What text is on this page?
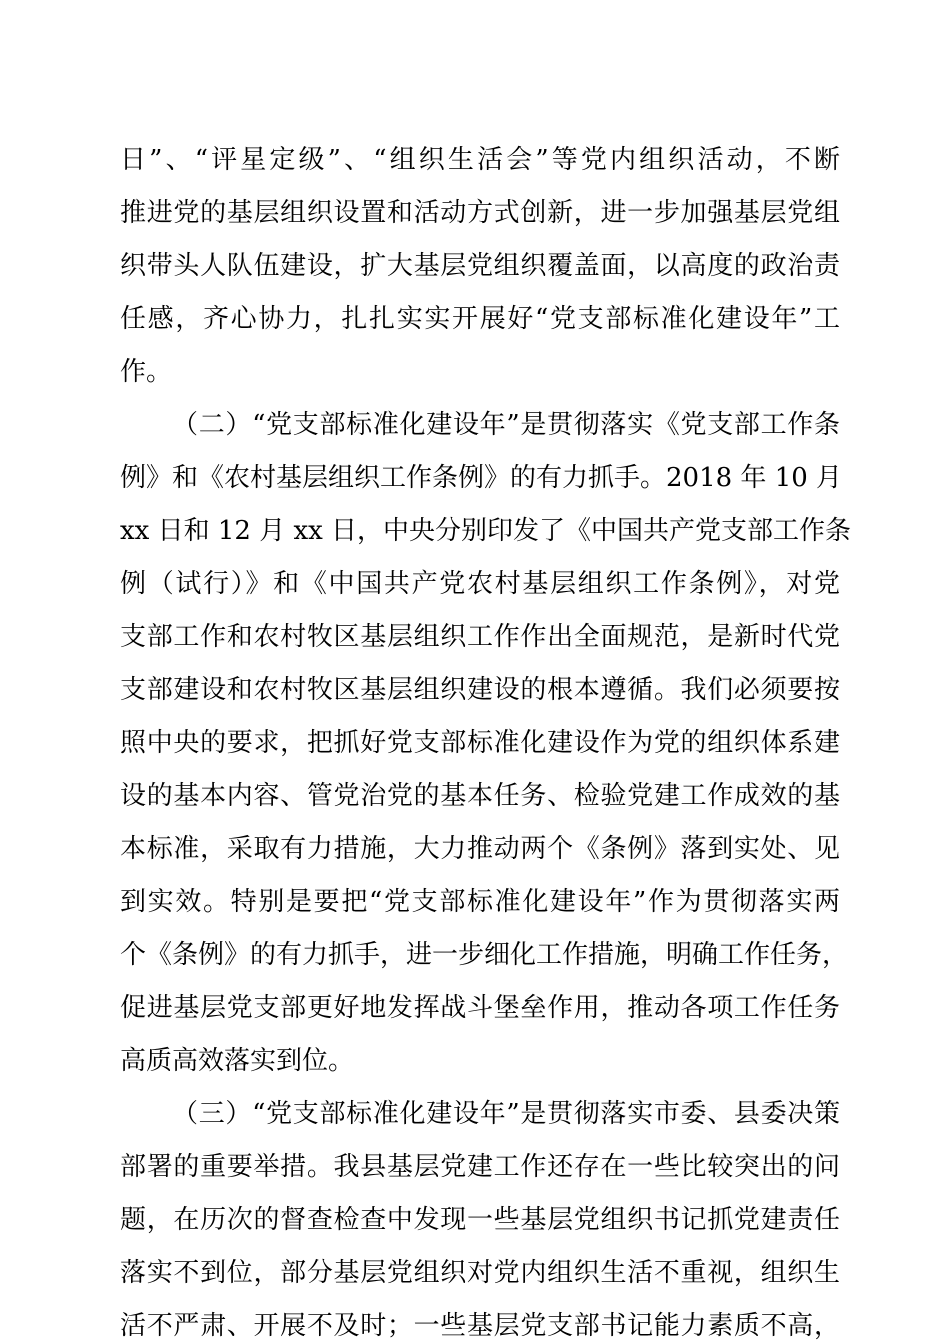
日”、“评星定级”、“组织生活会”等党内组织活动，不断
推进党的基层组织设置和活动方式创新，进一步加强基层党组
织带头人队伍建设，扩大基层党组织覆盖面，以高度的政治责
任感，齐心协力，扎扎实实开展好“党支部标准化建设年”工
作。
（二）“党支部标准化建设年”是贯彻落实《党支部工作条
例》和《农村基层组织工作条例》的有力抓手。2018 年 10 月
xx 日和 12 月 xx 日，中央分别印发了《中国共产党支部工作条
例（试行）》和《中国共产党农村基层组织工作条例》，对党
支部工作和农村牧区基层组织工作作出全面规范，是新时代党
支部建设和农村牧区基层组织建设的根本遵循。我们必须要按
照中央的要求，把抓好党支部标准化建设作为党的组织体系建
设的基本内容、管党治党的基本任务、检验党建工作成效的基
本标准，采取有力措施，大力推动两个《条例》落到实处、见
到实效。特别是要把“党支部标准化建设年”作为贯彻落实两
个《条例》的有力抓手，进一步细化工作措施，明确工作任务，
促进基层党支部更好地发挥战斗堡垒作用，推动各项工作任务
高质高效落实到位。
（三）“党支部标准化建设年”是贯彻落实市委、县委决策
部署的重要举措。我县基层党建工作还存在一些比较突出的问
题，在历次的督查检查中发现一些基层党组织书记抓党建责任
落实不到位，部分基层党组织对党内组织生活不重视，组织生
活不严肃、开展不及时；一些基层党支部书记能力素质不高，
